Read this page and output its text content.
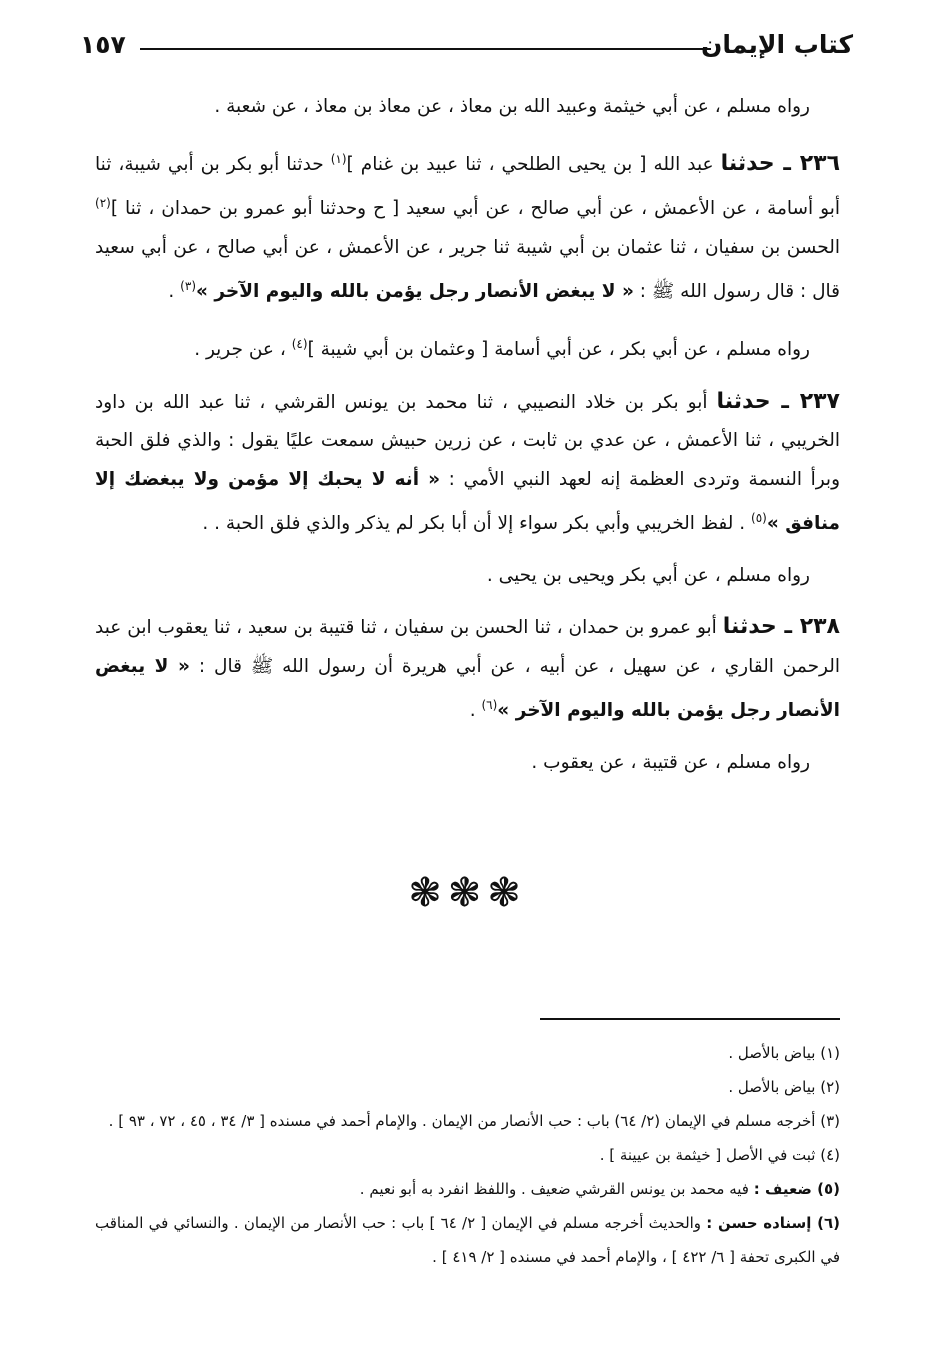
كتاب الإيمان
١٥٧

رواه مسلم ، عن أبي خيثمة وعبيد الله بن معاذ ، عن معاذ بن معاذ ، عن شعبة .

٢٣٦ ـ حدثنا عبد الله [ بن يحيى الطلحي ، ثنا عبيد بن غنام ]$^{(١)}$ حدثنا أبو بكر بن أبي شيبة، ثنا أبو أسامة ، عن الأعمش ، عن أبي صالح ، عن أبي سعيد [ ح وحدثنا أبو عمرو بن حمدان ، ثنا ]$^{(٢)}$ الحسن بن سفيان ، ثنا عثمان بن أبي شيبة ثنا جرير ، عن الأعمش ، عن أبي صالح ، عن أبي سعيد قال : قال رسول الله ﷺ : « لا يبغض الأنصار رجل يؤمن بالله واليوم الآخر »$^{(٣)}$ .

رواه مسلم ، عن أبي بكر ، عن أبي أسامة [ وعثمان بن أبي شيبة ]$^{(٤)}$ ، عن جرير .

٢٣٧ ـ حدثنا أبو بكر بن خلاد النصيبي ، ثنا محمد بن يونس القرشي ، ثنا عبد الله بن داود الخريبي ، ثنا الأعمش ، عن عدي بن ثابت ، عن زرين حبيش سمعت عليًا يقول : والذي فلق الحبة وبرأ النسمة وتردى العظمة إنه لعهد النبي الأمي : « أنه لا يحبك إلا مؤمن ولا يبغضك إلا منافق »$^{(٥)}$ . لفظ الخريبي وأبي بكر سواء إلا أن أبا بكر لم يذكر والذي فلق الحبة . .

رواه مسلم ، عن أبي بكر ويحيى بن يحيى .

٢٣٨ ـ حدثنا أبو عمرو بن حمدان ، ثنا الحسن بن سفيان ، ثنا قتيبة بن سعيد ، ثنا يعقوب ابن عبد الرحمن القاري ، عن سهيل ، عن أبيه ، عن أبي هريرة أن رسول الله ﷺ قال : « لا يبغض الأنصار رجل يؤمن بالله واليوم الآخر »$^{(٦)}$ .

رواه مسلم ، عن قتيبة ، عن يعقوب .

❃❃❃

(١) بياض بالأصل .

(٢) بياض بالأصل .

(٣) أخرجه مسلم في الإيمان (٢/ ٦٤) باب : حب الأنصار من الإيمان . والإمام أحمد في مسنده [ ٣/ ٣٤ ، ٤٥ ، ٧٢ ، ٩٣ ] .

(٤) ثبت في الأصل [ خيثمة بن عيينة ] .

(٥) ضعيف : فيه محمد بن يونس القرشي ضعيف . واللفظ انفرد به أبو نعيم .

(٦) إسناده حسن : والحديث أخرجه مسلم في الإيمان [ ٢/ ٦٤ ] باب : حب الأنصار من الإيمان . والنسائي في المناقب في الكبرى تحفة [ ٦/ ٤٢٢ ] ، والإمام أحمد في مسنده [ ٢/ ٤١٩ ] .
